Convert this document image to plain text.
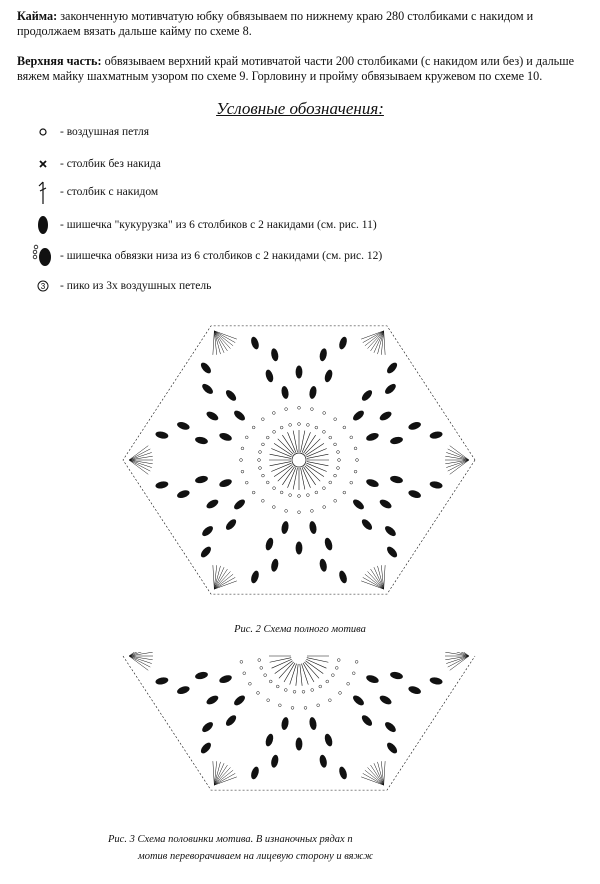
Кайма: законченную мотивчатую юбку обвязываем по нижнему краю 280 столбиками с накидом и продолжаем вязать дальше кайму по схеме 8.
Верхняя часть: обвязываем верхний край мотивчатой части 200 столбиками (с накидом или без) и дальше вяжем майку шахматным узором по схеме 9. Горловину и пройму обвязываем кружевом по схеме 10.
Условные обозначения:
- воздушная петля
- столбик без накида
- столбик с накидом
- шишечка "кукурузка" из 6 столбиков с 2 накидами (см. рис. 11)
- шишечка обвязки низа из 6 столбиков с 2 накидами (см. рис. 12)
3 - пико из 3х воздушных петель
Рис. 2 Схема полного мотива
Рис. 3 Схема половинки мотива. В изнаночных рядах п
мотив переворачиваем на лицевую сторону и вяжж
